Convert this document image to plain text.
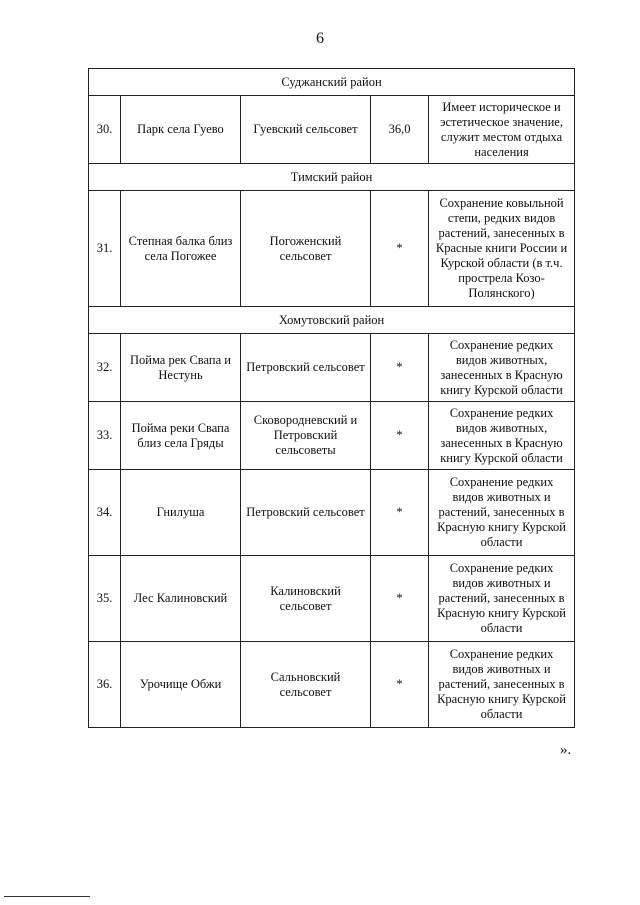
6
Суджанский район				
30.	Парк села Гуево	Гуевский сельсовет	36,0	Имеет историческое и эстетическое значение, служит местом отдыха населения
Тимский район				
31.	Степная балка близ села Погожее	Погоженский сельсовет	*	Сохранение ковыльной степи, редких видов растений, занесенных в Красные книги России и Курской области (в т.ч. прострела Козо-Полянского)
Хомутовский район				
32.	Пойма рек Свапа и Нестунь	Петровский сельсовет	*	Сохранение редких видов животных, занесенных в Красную книгу Курской области
33.	Пойма реки Свапа близ села Гряды	Сковородневский и Петровский сельсоветы	*	Сохранение редких видов животных, занесенных в Красную книгу Курской области
34.	Гнилуша	Петровский сельсовет	*	Сохранение редких видов животных и растений, занесенных в Красную книгу Курской области
35.	Лес Калиновский	Калиновский сельсовет	*	Сохранение редких видов животных и растений, занесенных в Красную книгу Курской области
36.	Урочище Обжи	Сальновский сельсовет	*	Сохранение редких видов животных и растений, занесенных в Красную книгу Курской области
».
